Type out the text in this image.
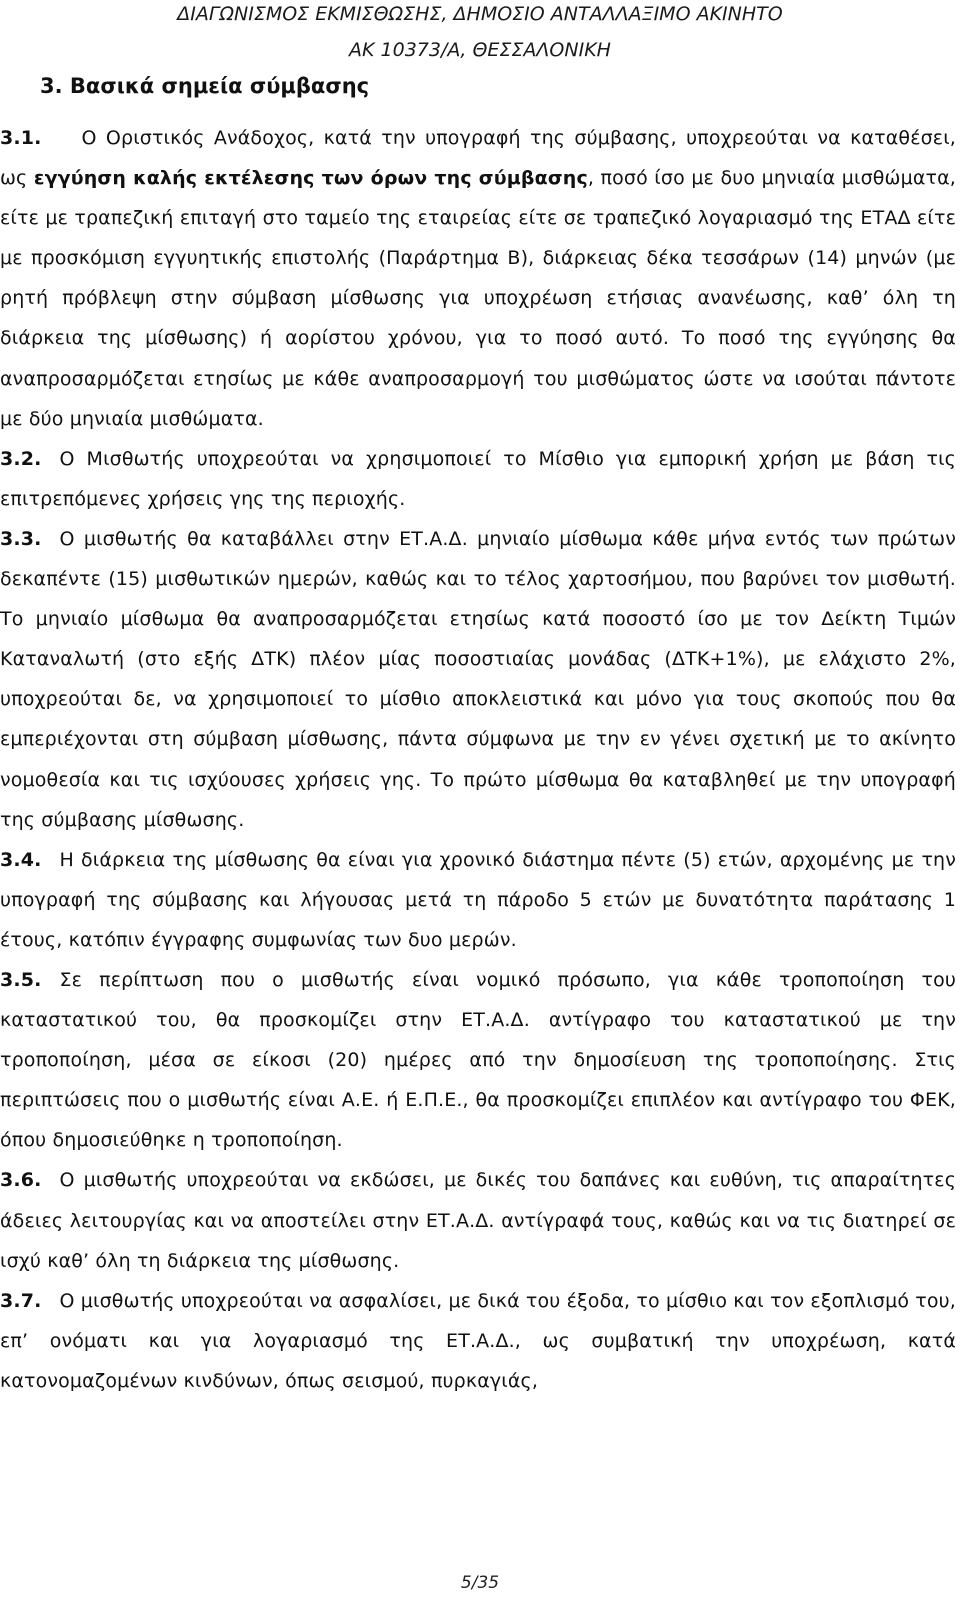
ΔΙΑΓΩΝΙΣΜΟΣ ΕΚΜΙΣΘΩΣΗΣ, ΔΗΜΟΣΙΟ ΑΝΤΑΛΛΑΞΙΜΟ ΑΚΙΝΗΤΟ
ΑΚ 10373/Α, ΘΕΣΣΑΛΟΝΙΚΗ
3. Βασικά σημεία σύμβασης

3.1. Ο Οριστικός Ανάδοχος, κατά την υπογραφή της σύμβασης, υποχρεούται να καταθέσει, ως εγγύηση καλής εκτέλεσης των όρων της σύμβασης, ποσό ίσο με δυο μηνιαία μισθώματα, είτε με τραπεζική επιταγή στο ταμείο της εταιρείας είτε σε τραπεζικό λογαριασμό της ΕΤΑΔ είτε με προσκόμιση εγγυητικής επιστολής (Παράρτημα Β), διάρκειας δέκα τεσσάρων (14) μηνών (με ρητή πρόβλεψη στην σύμβαση μίσθωσης για υποχρέωση ετήσιας ανανέωσης, καθ’ όλη τη διάρκεια της μίσθωσης) ή αορίστου χρόνου, για το ποσό αυτό. Το ποσό της εγγύησης θα αναπροσαρμόζεται ετησίως με κάθε αναπροσαρμογή του μισθώματος ώστε να ισούται πάντοτε με δύο μηνιαία μισθώματα.

3.2. Ο Μισθωτής υποχρεούται να χρησιμοποιεί το Μίσθιο για εμπορική χρήση με βάση τις επιτρεπόμενες χρήσεις γης της περιοχής.

3.3. Ο μισθωτής θα καταβάλλει στην ΕΤ.Α.Δ. μηνιαίο μίσθωμα κάθε μήνα εντός των πρώτων δεκαπέντε (15) μισθωτικών ημερών, καθώς και το τέλος χαρτοσήμου, που βαρύνει τον μισθωτή. Το μηνιαίο μίσθωμα θα αναπροσαρμόζεται ετησίως κατά ποσοστό ίσο με τον Δείκτη Τιμών Καταναλωτή (στο εξής ΔΤΚ) πλέον μίας ποσοστιαίας μονάδας (ΔΤΚ+1%), με ελάχιστο 2%, υποχρεούται δε, να χρησιμοποιεί το μίσθιο αποκλειστικά και μόνο για τους σκοπούς που θα εμπεριέχονται στη σύμβαση μίσθωσης, πάντα σύμφωνα με την εν γένει σχετική με το ακίνητο νομοθεσία και τις ισχύουσες χρήσεις γης. Το πρώτο μίσθωμα θα καταβληθεί με την υπογραφή της σύμβασης μίσθωσης.

3.4. Η διάρκεια της μίσθωσης θα είναι για χρονικό διάστημα πέντε (5) ετών, αρχομένης με την υπογραφή της σύμβασης και λήγουσας μετά τη πάροδο 5 ετών με δυνατότητα παράτασης 1 έτους, κατόπιν έγγραφης συμφωνίας των δυο μερών.

3.5. Σε περίπτωση που ο μισθωτής είναι νομικό πρόσωπο, για κάθε τροποποίηση του καταστατικού του, θα προσκομίζει στην ΕΤ.Α.Δ. αντίγραφο του καταστατικού με την τροποποίηση, μέσα σε είκοσι (20) ημέρες από την δημοσίευση της τροποποίησης. Στις περιπτώσεις που ο μισθωτής είναι Α.Ε. ή Ε.Π.Ε., θα προσκομίζει επιπλέον και αντίγραφο του ΦΕΚ, όπου δημοσιεύθηκε η τροποποίηση.

3.6. Ο μισθωτής υποχρεούται να εκδώσει, με δικές του δαπάνες και ευθύνη, τις απαραίτητες άδειες λειτουργίας και να αποστείλει στην ΕΤ.Α.Δ. αντίγραφά τους, καθώς και να τις διατηρεί σε ισχύ καθ’ όλη τη διάρκεια της μίσθωσης.

3.7. Ο μισθωτής υποχρεούται να ασφαλίσει, με δικά του έξοδα, το μίσθιο και τον εξοπλισμό του, επ’ ονόματι και για λογαριασμό της ΕΤ.Α.Δ., ως συμβατική την υποχρέωση, κατά κατονομαζομένων κινδύνων, όπως σεισμού, πυρκαγιάς,

5/35
